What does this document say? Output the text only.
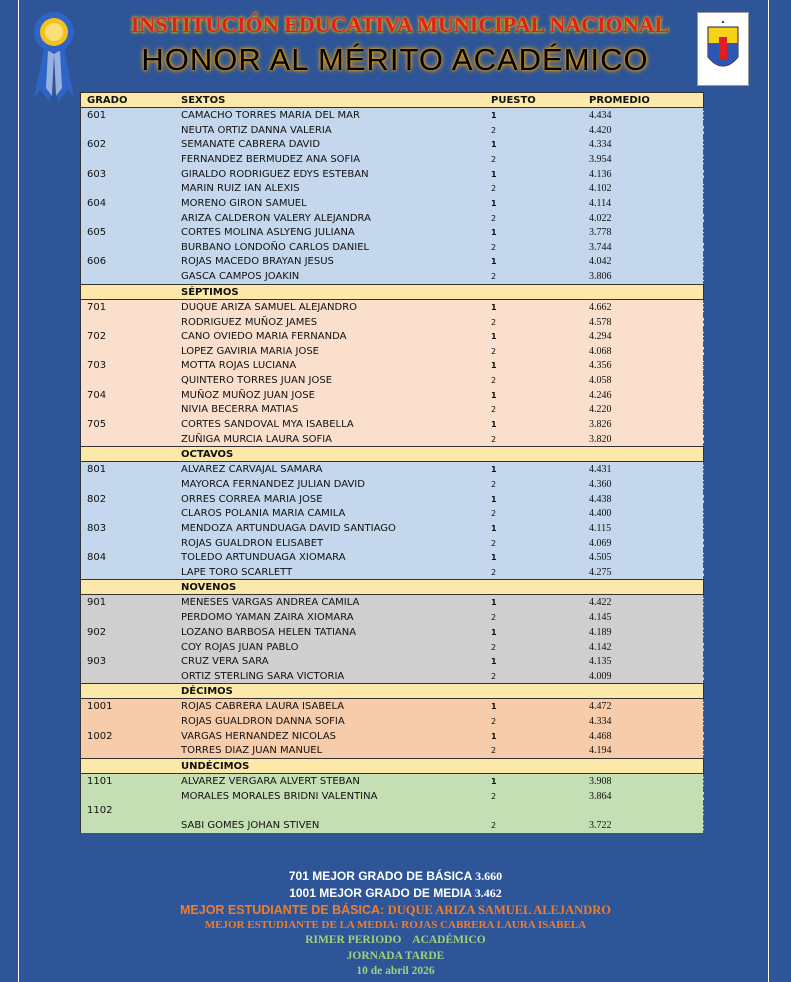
INSTITUCIÓN EDUCATIVA MUNICIPAL NACIONAL
HONOR AL MÉRITO ACADÉMICO
▲
GRADO	SEXTOS	PUESTO	PROMEDIO
601	CAMACHO TORRES MARIA DEL MAR	1	4.434
NEUTA ORTIZ DANNA VALERIA	2	4.420
602	SEMANATE CABRERA DAVID	1	4.334
FERNANDEZ BERMUDEZ ANA SOFIA	2	3.954
603	GIRALDO RODRIGUEZ EDYS ESTEBAN	1	4.136
MARIN RUIZ IAN ALEXIS	2	4.102
604	MORENO GIRON SAMUEL	1	4.114
ARIZA CALDERON VALERY ALEJANDRA	2	4.022
605	CORTES MOLINA ASLYENG JULIANA	1	3.778
BURBANO LONDOÑO CARLOS DANIEL	2	3.744
606	ROJAS MACEDO BRAYAN JESUS	1	4.042
GASCA CAMPOS JOAKIN	2	3.806
SÉPTIMOS
701	DUQUE ARIZA SAMUEL ALEJANDRO	1	4.662
RODRIGUEZ MUÑOZ JAMES	2	4.578
702	CANO OVIEDO MARIA FERNANDA	1	4.294
LOPEZ GAVIRIA MARIA JOSE	2	4.068
703	MOTTA ROJAS LUCIANA	1	4.356
QUINTERO TORRES JUAN JOSE	2	4.058
704	MUÑOZ MUÑOZ JUAN JOSE	1	4.246
NIVIA BECERRA MATIAS	2	4.220
705	CORTES SANDOVAL MYA ISABELLA	1	3.826
ZUÑIGA MURCIA LAURA SOFIA	2	3.820
OCTAVOS
801	ALVAREZ CARVAJAL SAMARA	1	4.431
MAYORCA FERNANDEZ JULIAN DAVID	2	4.360
802	ORRES CORREA MARIA JOSE	1	4.438
CLAROS POLANIA MARIA CAMILA	2	4.400
803	MENDOZA ARTUNDUAGA DAVID SANTIAGO	1	4.115
ROJAS GUALDRON ELISABET	2	4.069
804	TOLEDO ARTUNDUAGA XIOMARA	1	4.505
LAPE TORO SCARLETT	2	4.275
NOVENOS
901	MENESES VARGAS ANDREA CAMILA	1	4.422
PERDOMO YAMAN ZAIRA XIOMARA	2	4.145
902	LOZANO BARBOSA HELEN TATIANA	1	4.189
COY ROJAS JUAN PABLO	2	4.142
903	CRUZ VERA SARA	1	4.135
ORTIZ STERLING SARA VICTORIA	2	4.009
DÉCIMOS
1001	ROJAS CABRERA LAURA ISABELA	1	4.472
ROJAS GUALDRON DANNA SOFIA	2	4.334
1002	VARGAS HERNANDEZ NICOLAS	1	4.468
TORRES DIAZ JUAN MANUEL	2	4.194
UNDÉCIMOS
1101	ALVAREZ VERGARA ALVERT STEBAN	1	3.908
MORALES MORALES BRIDNI VALENTINA	2	3.864
1102
SABI GOMES JOHAN STIVEN	2	3.722
701 MEJOR GRADO DE BÁSICA 3.660
1001 MEJOR GRADO DE MEDIA 3.462
MEJOR ESTUDIANTE DE BÁSICA: DUQUE ARIZA SAMUEL ALEJANDRO
MEJOR ESTUDIANTE DE LA MEDIA: ROJAS CABRERA LAURA ISABELA
RIMER PERIODO    ACADÉMICO
JORNADA TARDE
10 de abril 2026
